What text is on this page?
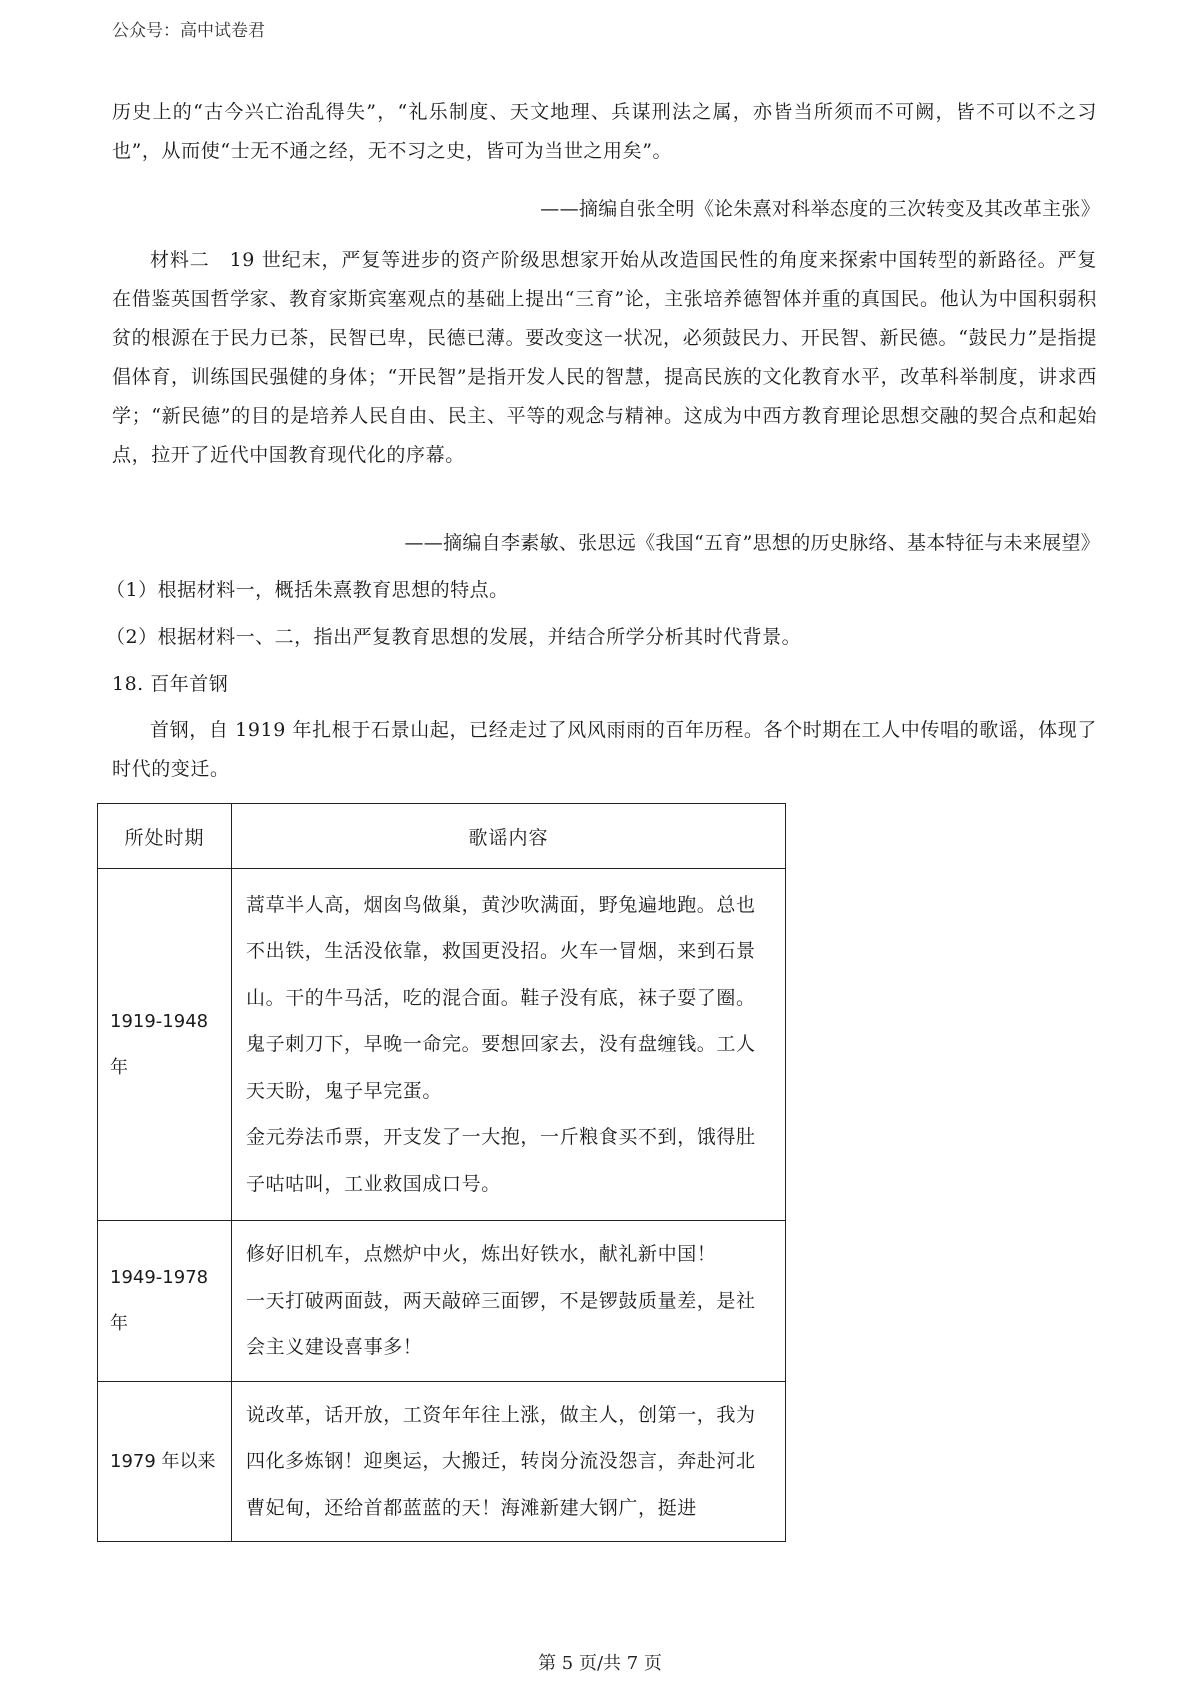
公众号：高中试卷君

历史上的“古今兴亡治乱得失”，“礼乐制度、天文地理、兵谋刑法之属，亦皆当所须而不可阙，皆不可以不之习也”，从而使“士无不通之经，无不习之史，皆可为当世之用矣”。

——摘编自张全明《论朱熹对科举态度的三次转变及其改革主张》

材料二　19 世纪末，严复等进步的资产阶级思想家开始从改造国民性的角度来探索中国转型的新路径。严复在借鉴英国哲学家、教育家斯宾塞观点的基础上提出“三育”论，主张培养德智体并重的真国民。他认为中国积弱积贫的根源在于民力已茶，民智已卑，民德已薄。要改变这一状况，必须鼓民力、开民智、新民德。“鼓民力”是指提倡体育，训练国民强健的身体；“开民智”是指开发人民的智慧，提高民族的文化教育水平，改革科举制度，讲求西学；“新民德”的目的是培养人民自由、民主、平等的观念与精神。这成为中西方教育理论思想交融的契合点和起始点，拉开了近代中国教育现代化的序幕。

——摘编自李素敏、张思远《我国“五育”思想的历史脉络、基本特征与未来展望》
（1）根据材料一，概括朱熹教育思想的特点。
（2）根据材料一、二，指出严复教育思想的发展，并结合所学分析其时代背景。
18. 百年首钢

首钢，自 1919 年扎根于石景山起，已经走过了风风雨雨的百年历程。各个时期在工人中传唱的歌谣，体现了时代的变迁。

所处时期	歌谣内容
1919-1948 年	蒿草半人高，烟囱鸟做巢，黄沙吹满面，野兔遍地跑。总也不出铁，生活没依靠，救国更没招。火车一冒烟，来到石景山。干的牛马活，吃的混合面。鞋子没有底，袜子耍了圈。鬼子刺刀下，早晚一命完。要想回家去，没有盘缠钱。工人天天盼，鬼子早完蛋。
金元券法币票，开支发了一大抱，一斤粮食买不到，饿得肚子咕咕叫，工业救国成口号。

1949-1978 年	修好旧机车，点燃炉中火，炼出好铁水，献礼新中国！
一天打破两面鼓，两天敲碎三面锣，不是锣鼓质量差，是社会主义建设喜事多！

1979 年以来	说改革，话开放，工资年年往上涨，做主人，创第一，我为四化多炼钢！迎奥运，大搬迁，转岗分流没怨言，奔赴河北曹妃甸，还给首都蓝蓝的天！海滩新建大钢广，挺进
第 5 页/共 7 页
